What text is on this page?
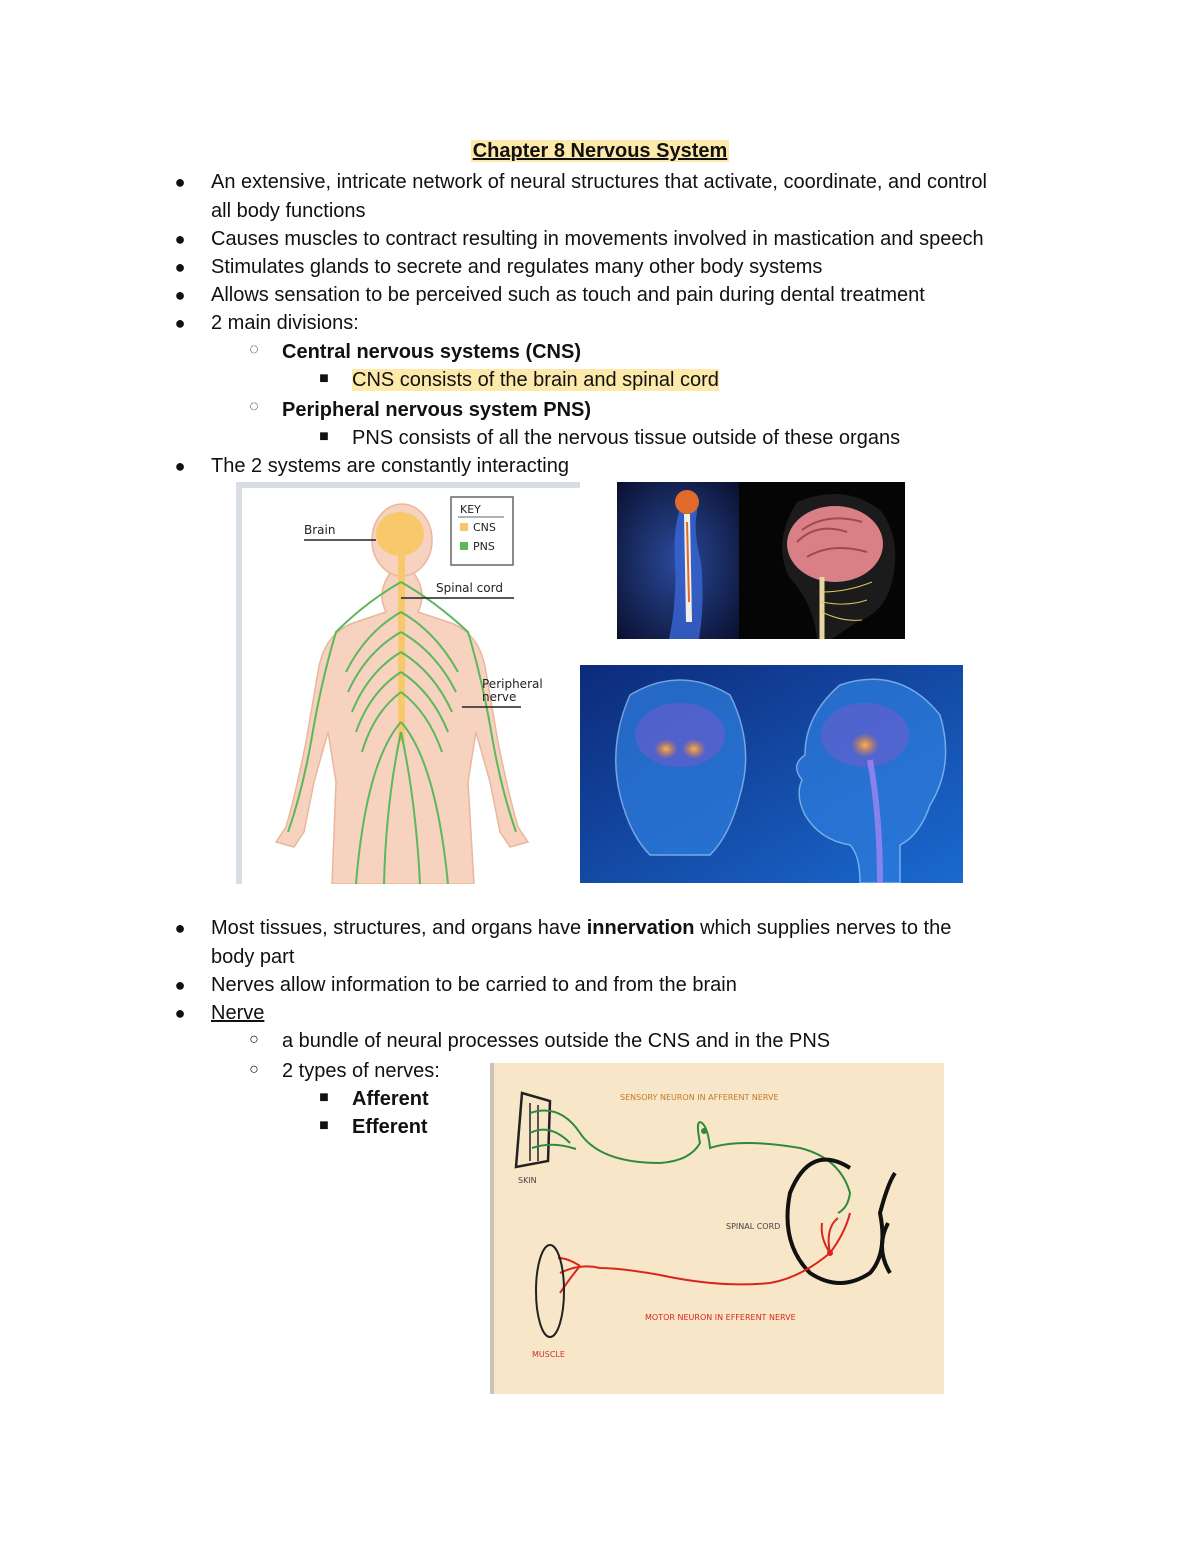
Chapter 8 Nervous System
● An extensive, intricate network of neural structures that activate, coordinate, and control
all body functions
● Causes muscles to contract resulting in movements involved in mastication and speech
● Stimulates glands to secrete and regulates many other body systems
● Allows sensation to be perceived such as touch and pain during dental treatment
● 2 main divisions:
◌ Central nervous systems (CNS)
■ CNS consists of the brain and spinal cord
◌ Peripheral nervous system PNS)
■ PNS consists of all the nervous tissue outside of these organs
● The 2 systems are constantly interacting
Brain
Spinal cord
Peripheral
nerve
KEY
CNS
PNS
● Most tissues, structures, and organs have innervation which supplies nerves to the
body part
● Nerves allow information to be carried to and from the brain
● Nerve
○ a bundle of neural processes outside the CNS and in the PNS
○ 2 types of nerves:
■ Afferent
■ Efferent
SENSORY NEURON IN AFFERENT NERVE
SKIN
SPINAL CORD
MOTOR NEURON IN EFFERENT NERVE
MUSCLE
